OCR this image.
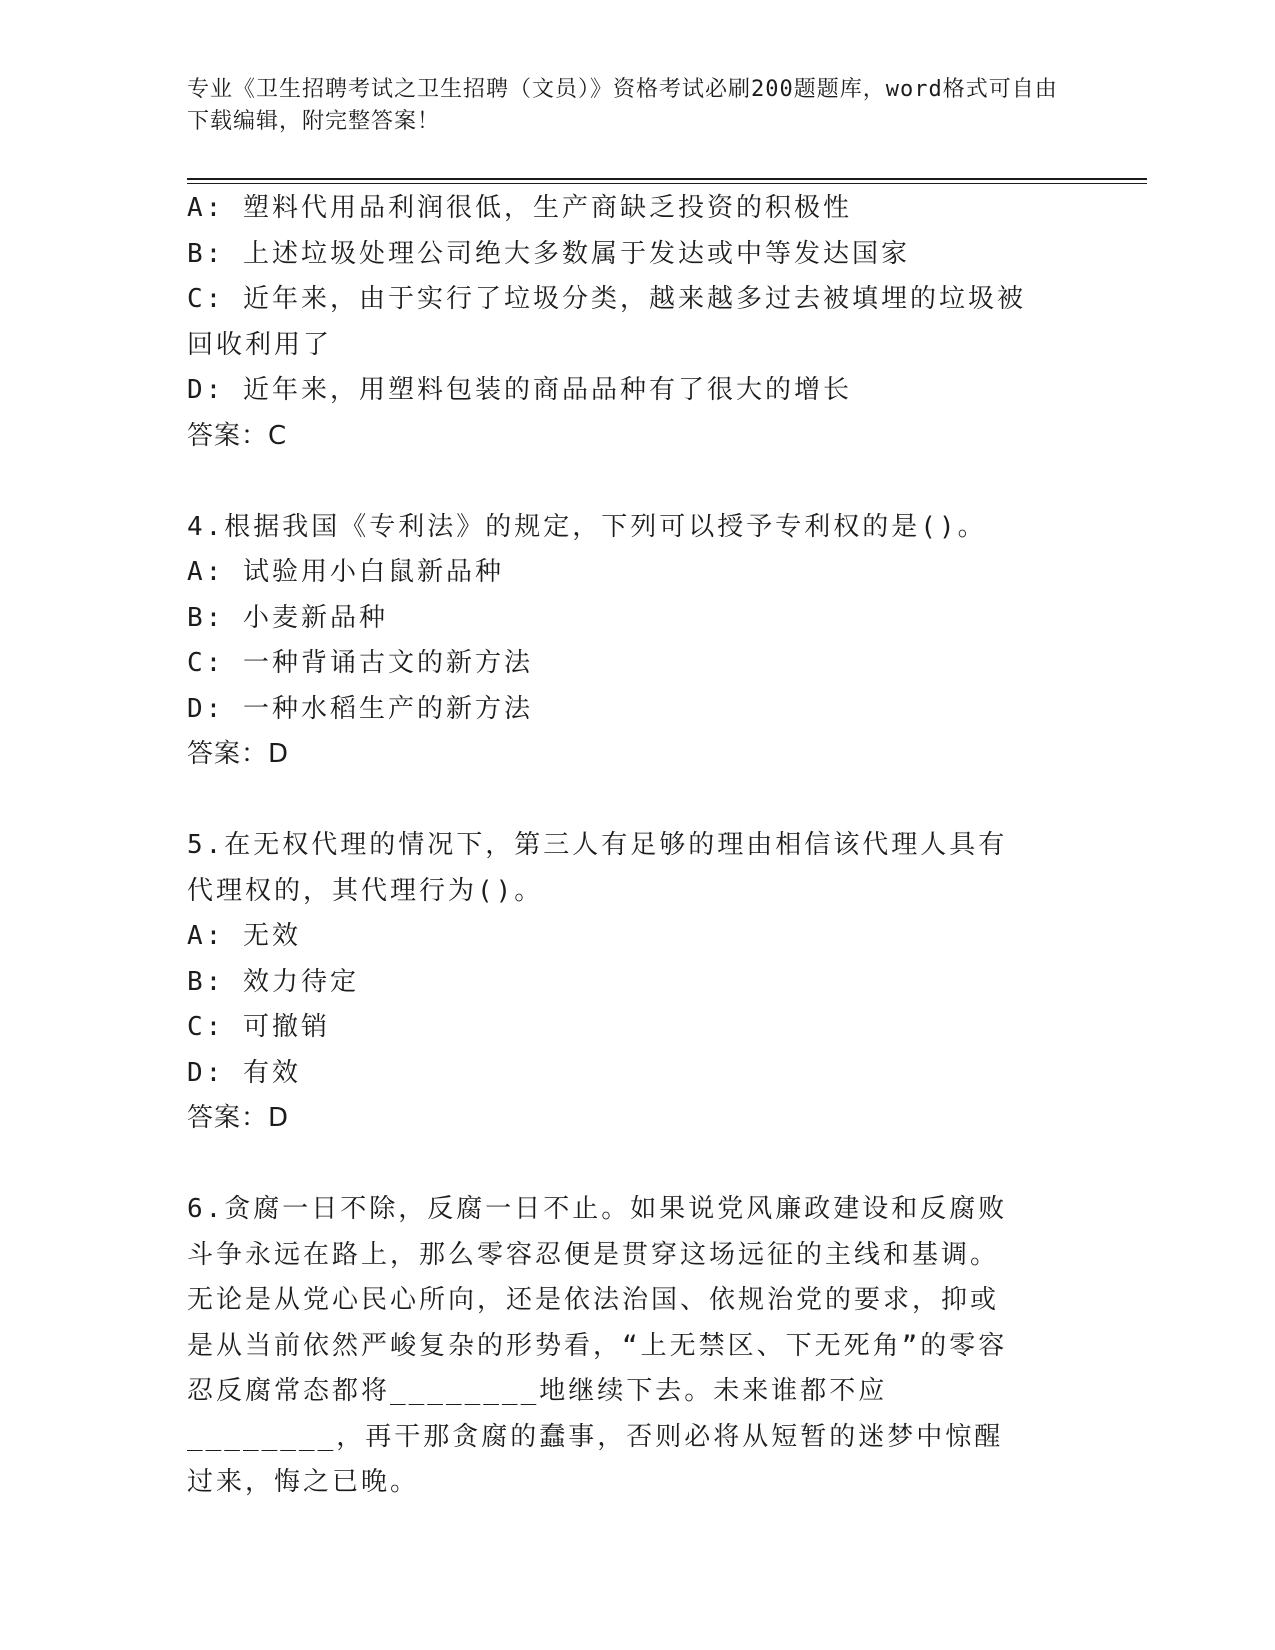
专业《卫生招聘考试之卫生招聘（文员）》资格考试必刷200题题库，word格式可自由下载编辑，附完整答案！

A: 塑料代用品利润很低，生产商缺乏投资的积极性

B: 上述垃圾处理公司绝大多数属于发达或中等发达国家

C: 近年来，由于实行了垃圾分类，越来越多过去被填埋的垃圾被回收利用了

D: 近年来，用塑料包装的商品品种有了很大的增长

答案：C

4.根据我国《专利法》的规定，下列可以授予专利权的是()。

A: 试验用小白鼠新品种

B: 小麦新品种

C: 一种背诵古文的新方法

D: 一种水稻生产的新方法

答案：D

5.在无权代理的情况下，第三人有足够的理由相信该代理人具有代理权的，其代理行为()。

A: 无效

B: 效力待定

C: 可撤销

D: 有效

答案：D

6.贪腐一日不除，反腐一日不止。如果说党风廉政建设和反腐败斗争永远在路上，那么零容忍便是贯穿这场远征的主线和基调。无论是从党心民心所向，还是依法治国、依规治党的要求，抑或是从当前依然严峻复杂的形势看，“上无禁区、下无死角”的零容忍反腐常态都将________地继续下去。未来谁都不应________，再干那贪腐的蠢事，否则必将从短暂的迷梦中惊醒过来，悔之已晚。
